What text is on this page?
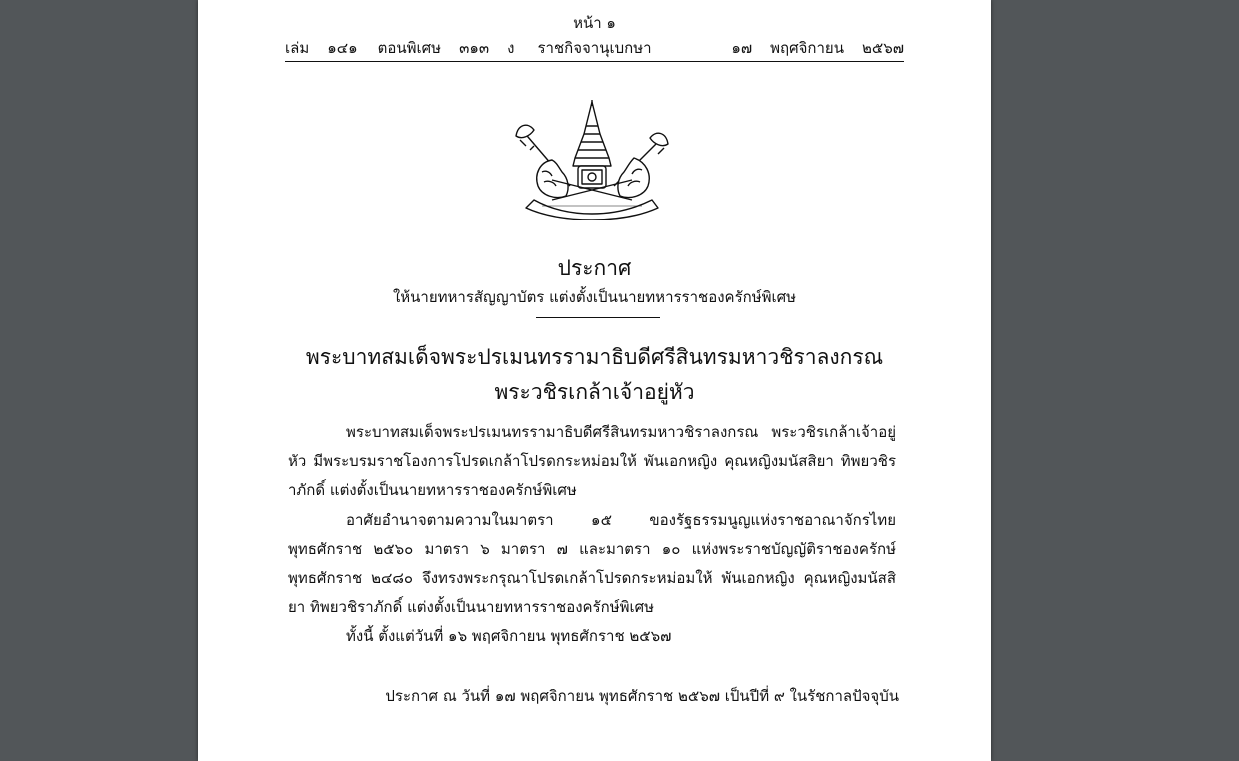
หน้า ๑
เล่ม ๑๔๑ ตอนพิเศษ ๓๑๓ ง	ราชกิจจานุเบกษา	๑๗ พฤศจิกายน ๒๕๖๗
ประกาศ
ให้นายทหารสัญญาบัตร แต่งตั้งเป็นนายทหารราชองครักษ์พิเศษ
พระบาทสมเด็จพระปรเมนทรรามาธิบดีศรีสินทรมหาวชิราลงกรณ
พระวชิรเกล้าเจ้าอยู่หัว

พระบาทสมเด็จพระปรเมนทรรามาธิบดีศรีสินทรมหาวชิราลงกรณ พระวชิรเกล้าเจ้าอยู่หัว มีพระบรมราชโองการโปรดเกล้าโปรดกระหม่อมให้ พันเอกหญิง คุณหญิงมนัสสิยา ทิพยวชิราภักดิ์ แต่งตั้งเป็นนายทหารราชองครักษ์พิเศษ

อาศัยอำนาจตามความในมาตรา ๑๕ ของรัฐธรรมนูญแห่งราชอาณาจักรไทย พุทธศักราช ๒๕๖๐ มาตรา ๖ มาตรา ๗ และมาตรา ๑๐ แห่งพระราชบัญญัติราชองครักษ์ พุทธศักราช ๒๔๘๐ จึงทรงพระกรุณาโปรดเกล้าโปรดกระหม่อมให้ พันเอกหญิง คุณหญิงมนัสสิยา ทิพยวชิราภักดิ์ แต่งตั้งเป็นนายทหารราชองครักษ์พิเศษ

ทั้งนี้ ตั้งแต่วันที่ ๑๖ พฤศจิกายน พุทธศักราช ๒๕๖๗

ประกาศ ณ วันที่ ๑๗ พฤศจิกายน พุทธศักราช ๒๕๖๗ เป็นปีที่ ๙ ในรัชกาลปัจจุบัน
